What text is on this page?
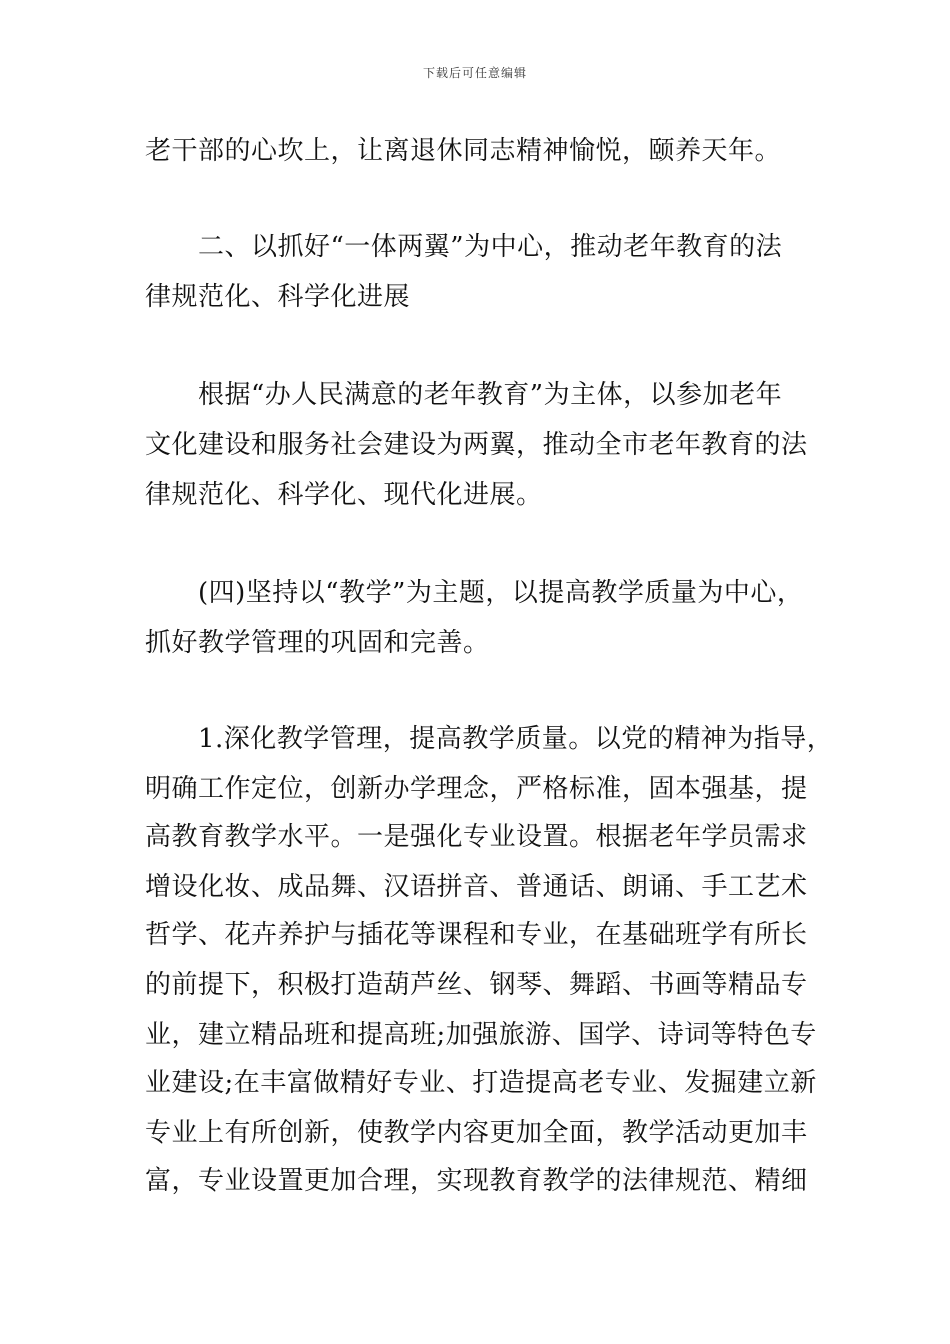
下载后可任意编辑
老干部的心坎上，让离退休同志精神愉悦，颐养天年。
　　二、以抓好“一体两翼”为中心，推动老年教育的法
律规范化、科学化进展
　　根据“办人民满意的老年教育”为主体，以参加老年
文化建设和服务社会建设为两翼，推动全市老年教育的法
律规范化、科学化、现代化进展。
　　(四)坚持以“教学”为主题，以提高教学质量为中心，
抓好教学管理的巩固和完善。
　　1.深化教学管理，提高教学质量。以党的精神为指导，
明确工作定位，创新办学理念，严格标准，固本强基，提
高教育教学水平。一是强化专业设置。根据老年学员需求
增设化妆、成品舞、汉语拼音、普通话、朗诵、手工艺术
哲学、花卉养护与插花等课程和专业，在基础班学有所长
的前提下，积极打造葫芦丝、钢琴、舞蹈、书画等精品专
业，建立精品班和提高班;加强旅游、国学、诗词等特色专
业建设;在丰富做精好专业、打造提高老专业、发掘建立新
专业上有所创新，使教学内容更加全面，教学活动更加丰
富，专业设置更加合理，实现教育教学的法律规范、精细
